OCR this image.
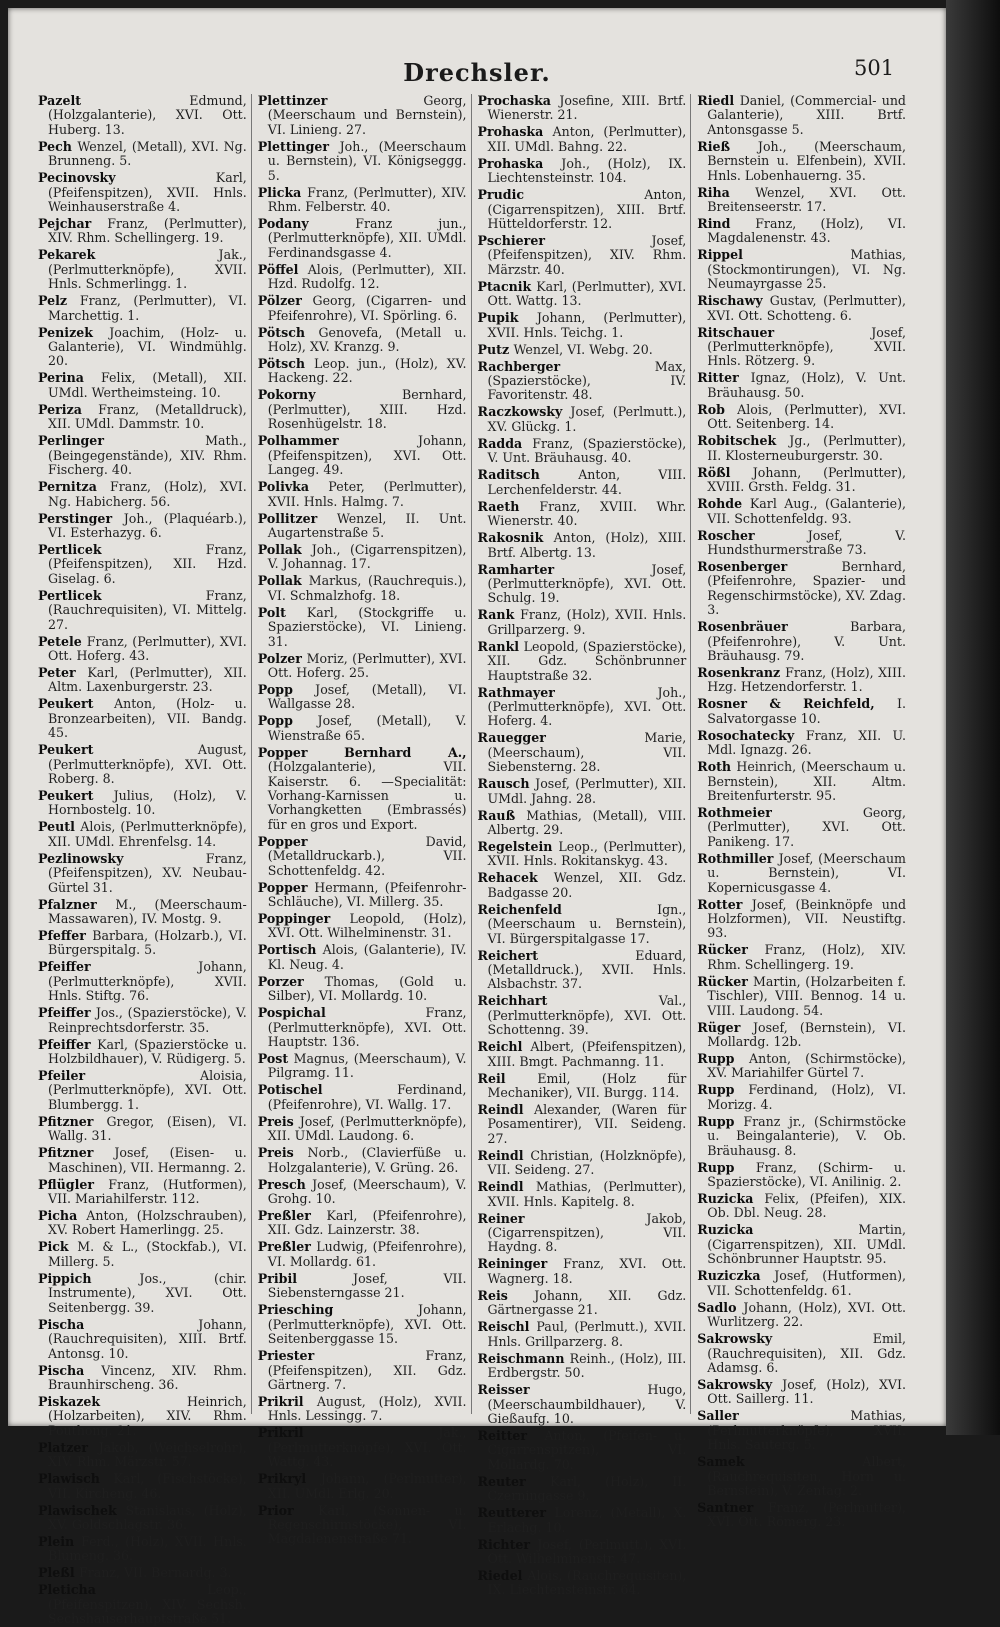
Drechsler.	501

Pazelt	Edmund, (Holzgalanterie), XVI. Ott. Huberg. 13.

Pech Wenzel, (Metall), XVI. Ng. Brunneng. 5.

Pecinovsky	Karl, (Pfeifenspitzen), XVII. Hnls. Weinhauserstraße 4.

Pejchar Franz, (Perlmutter), XIV. Rhm. Schellingerg. 19.

Pekarek	Jak., (Perlmutterknöpfe), XVII. Hnls. Schmerlingg. 1.

Pelz Franz, (Perlmutter), VI. Marchettig. 1.

Penizek Joachim, (Holz- u. Galanterie), VI. Windmühlg. 20.

Perina Felix, (Metall), XII. UMdl. Wertheimsteing. 10.

Periza Franz, (Metalldruck), XII. UMdl. Dammstr. 10.

Perlinger	Math., (Beingegenstände), XIV. Rhm. Fischerg. 40.

Pernitza Franz, (Holz), XVI. Ng. Habicherg. 56.

Perstinger Joh., (Plaquéarb.), VI. Esterhazyg. 6.

Pertlicek	Franz, (Pfeifenspitzen), XII. Hzd. Giselag. 6.

Pertlicek	Franz, (Rauchrequisiten), VI. Mittelg. 27.

Petele Franz, (Perlmutter), XVI. Ott. Hoferg. 43.

Peter Karl, (Perlmutter), XII. Altm. Laxenburgerstr. 23.

Peukert Anton, (Holz- u. Bronzearbeiten), VII. Bandg. 45.

Peukert	August, (Perlmutterknöpfe), XVI. Ott. Roberg. 8.

Peukert Julius, (Holz), V. Hornbostelg. 10.

Peutl Alois, (Perlmutterknöpfe), XII. UMdl. Ehrenfelsg. 14.

Pezlinowsky	Franz, (Pfeifenspitzen), XV. Neubau-Gürtel 31.

Pfalzner M., (Meerschaum-Massawaren), IV. Mostg. 9.

Pfeffer Barbara, (Holzarb.), VI. Bürgerspitalg. 5.

Pfeiffer	Johann, (Perlmutterknöpfe), XVII. Hnls. Stiftg. 76.

Pfeiffer Jos., (Spazierstöcke), V. Reinprechtsdorferstr. 35.

Pfeiffer Karl, (Spazierstöcke u. Holzbildhauer), V. Rüdigerg. 5.

Pfeiler	Aloisia, (Perlmutterknöpfe), XVI. Ott. Blumbergg. 1.

Pfitzner Gregor, (Eisen), VI. Wallg. 31.

Pfitzner Josef, (Eisen- u. Maschinen), VII. Hermanng. 2.

Pflügler Franz, (Hutformen), VII. Mariahilferstr. 112.

Picha Anton, (Holzschrauben), XV. Robert Hamerlingg. 25.

Pick M. & L., (Stockfab.), VI. Millerg. 5.

Pippich	Jos., (chir. Instrumente), XVI. Ott. Seitenbergg. 39.

Pischa	Johann, (Rauchrequisiten), XIII. Brtf. Antonsg. 10.

Pischa Vincenz, XIV. Rhm. Braunhirscheng. 36.

Piskazek	Heinrich, (Holzarbeiten), XIV. Rhm. Pouthong. 21.

Platzer Jakob, (Weichselrohr), XIV. Rhm. Märzstr. 57.

Plawisch Karl, (Fischstöcke), VII. Kircheng. 46.

Plawischek Stanislaus, (Holz), XV. Goldschlagstr. 36.

Plein Ferd., (Holz), XVII. Hnls. Blumeng. 36.

Pleßl Franz, VII. Bernardg. 3.

Pleticha	Leop., (Pfeifenspitzen), XIV. Sechsh. Sechshauserhauptstraße 51.

Plettinzer	Georg, (Meerschaum und Bernstein), VI. Linieng. 27.

Plettinger Joh., (Meerschaum u. Bernstein), VI. Königseggg. 5.

Plicka Franz, (Perlmutter), XIV. Rhm. Felberstr. 40.

Podany	Franz jun., (Perlmutterknöpfe), XII. UMdl. Ferdinandsgasse 4.

Pöffel Alois, (Perlmutter), XII. Hzd. Rudolfg. 12.

Pölzer Georg, (Cigarren- und Pfeifenrohre), VI. Spörling. 6.

Pötsch Genovefa, (Metall u. Holz), XV. Kranzg. 9.

Pötsch Leop. jun., (Holz), XV. Hackeng. 22.

Pokorny	Bernhard, (Perlmutter), XIII. Hzd. Rosenhügelstr. 18.

Polhammer	Johann, (Pfeifenspitzen), XVI. Ott. Langeg. 49.

Polivka Peter, (Perlmutter), XVII. Hnls. Halmg. 7.

Pollitzer Wenzel, II. Unt. Augartenstraße 5.

Pollak Joh., (Cigarrenspitzen), V. Johannag. 17.

Pollak Markus, (Rauchrequis.), VI. Schmalzhofg. 18.

Polt Karl, (Stockgriffe u. Spazierstöcke), VI. Linieng. 31.

Polzer Moriz, (Perlmutter), XVI. Ott. Hoferg. 25.

Popp Josef, (Metall), VI. Wallgasse 28.

Popp Josef, (Metall), V. Wienstraße 65.

Popper Bernhard A.,(Holzgalanterie), VII. Kaiserstr. 6. —Specialität: Vorhang-Karnissen u. Vorhangketten (Embrassés) für en gros und Export.

Popper	David, (Metalldruckarb.), VII. Schottenfeldg. 42.

Popper Hermann, (Pfeifenrohr-Schläuche), VI. Millerg. 35.

Poppinger Leopold, (Holz), XVI. Ott. Wilhelminenstr. 31.

Portisch Alois, (Galanterie), IV. Kl. Neug. 4.

Porzer Thomas, (Gold u. Silber), VI. Mollardg. 10.

Pospichal	Franz, (Perlmutterknöpfe), XVI. Ott. Hauptstr. 136.

Post Magnus, (Meerschaum), V. Pilgramg. 11.

Potischel	Ferdinand, (Pfeifenrohre), VI. Wallg. 17.

Preis Josef, (Perlmutterknöpfe), XII. UMdl. Laudong. 6.

Preis Norb., (Clavierfüße u. Holzgalanterie), V. Grüng. 26.

Presch Josef, (Meerschaum), V. Grohg. 10.

Preßler Karl, (Pfeifenrohre), XII. Gdz. Lainzerstr. 38.

Preßler Ludwig, (Pfeifenrohre), VI. Mollardg. 61.

Pribil	Josef, VII. Siebensterngasse 21.

Priesching	Johann, (Perlmutterknöpfe), XVI. Ott. Seitenberggasse 15.

Priester	Franz, (Pfeifenspitzen), XII. Gdz. Gärtnerg. 7.

Prikril August, (Holz), XVII. Hnls. Lessingg. 7.

Prikril	Jak., (Perlmutterknöpfe), XVI. Ott. Wattg. 43.

Prikryl Johann, (Perlmutter), XII. UMdl. Erlg. 20.

Prior Karl, (Sonnen- u. Regenschirmstöcke), VI. Magdalenenstraße 71.

Prochaska Josefine, XIII. Brtf. Wienerstr. 21.

Prohaska Anton, (Perlmutter), XII. UMdl. Bahng. 22.

Prohaska Joh., (Holz), IX. Liechtensteinstr. 104.

Prudic	Anton, (Cigarrenspitzen), XIII. Brtf. Hütteldorferstr. 12.

Pschierer	Josef, (Pfeifenspitzen), XIV. Rhm. Märzstr. 40.

Ptacnik Karl, (Perlmutter), XVI. Ott. Wattg. 13.

Pupik Johann, (Perlmutter), XVII. Hnls. Teichg. 1.

Putz Wenzel, VI. Webg. 20.

Rachberger	Max, (Spazierstöcke), IV. Favoritenstr. 48.

Raczkowsky Josef, (Perlmutt.), XV. Glückg. 1.

Radda Franz, (Spazierstöcke), V. Unt. Bräuhausg. 40.

Raditsch	Anton, VIII. Lerchenfelderstr. 44.

Raeth Franz, XVIII. Whr. Wienerstr. 40.

Rakosnik Anton, (Holz), XIII. Brtf. Albertg. 13.

Ramharter	Josef, (Perlmutterknöpfe), XVI. Ott. Schulg. 19.

Rank Franz, (Holz), XVII. Hnls. Grillparzerg. 9.

Rankl Leopold, (Spazierstöcke), XII. Gdz. Schönbrunner Hauptstraße 32.

Rathmayer	Joh., (Perlmutterknöpfe), XVI. Ott. Hoferg. 4.

Rauegger	Marie, (Meerschaum), VII. Siebensterng. 28.

Rausch Josef, (Perlmutter), XII. UMdl. Jahng. 28.

Rauß Mathias, (Metall), VIII. Albertg. 29.

Regelstein Leop., (Perlmutter), XVII. Hnls. Rokitanskyg. 43.

Rehacek Wenzel, XII. Gdz. Badgasse 20.

Reichenfeld	Ign., (Meerschaum u. Bernstein), VI. Bürgerspitalgasse 17.

Reichert	Eduard, (Metalldruck.), XVII. Hnls. Alsbachstr. 37.

Reichhart	Val., (Perlmutterknöpfe), XVI. Ott. Schottenng. 39.

Reichl Albert, (Pfeifenspitzen), XIII. Bmgt. Pachmanng. 11.

Reil	Emil, (Holz für Mechaniker), VII. Burgg. 114.

Reindl Alexander, (Waren für Posamentirer), VII. Seideng. 27.

Reindl Christian, (Holzknöpfe), VII. Seideng. 27.

Reindl Mathias, (Perlmutter), XVII. Hnls. Kapitelg. 8.

Reiner	Jakob, (Cigarrenspitzen), VII. Haydng. 8.

Reininger Franz, XVI. Ott. Wagnerg. 18.

Reis Johann, XII. Gdz. Gärtnergasse 21.

Reischl Paul, (Perlmutt.), XVII. Hnls. Grillparzerg. 8.

Reischmann Reinh., (Holz), III. Erdbergstr. 50.

Reisser	Hugo, (Meerschaumbildhauer), V. Gießaufg. 10.

Reitter Anton, (Pfeifen- u. Cigarrenspitzen), VI. Mollardg. 70.

Reuter Karl, (Holz), II. Czerningasse 9.

Reutterer Lorenz, (Metall), X. Erlachg. 10.

Richter Josef, (Perlmutt.), XVI. Ott. Wilhelminenstr. 47.

Riedel Alois, (Rauchrequisiten), IX. Liechtensteinstr. 64.

Riedl Daniel, (Commercial- und Galanterie), XIII. Brtf. Antonsgasse 5.

Rieß Joh., (Meerschaum, Bernstein u. Elfenbein), XVII. Hnls. Lobenhauerng. 35.

Riha Wenzel, XVI. Ott. Breitenseerstr. 17.

Rind Franz, (Holz), VI. Magdalenenstr. 43.

Rippel	Mathias, (Stockmontirungen), VI. Ng. Neumayrgasse 25.

Rischawy Gustav, (Perlmutter), XVI. Ott. Schotteng. 6.

Ritschauer	Josef, (Perlmutterknöpfe), XVII. Hnls. Rötzerg. 9.

Ritter Ignaz, (Holz), V. Unt. Bräuhausg. 50.

Rob Alois, (Perlmutter), XVI. Ott. Seitenberg. 14.

Robitschek Jg., (Perlmutter), II. Klosterneuburgerstr. 30.

Rößl Johann, (Perlmutter), XVIII. Grsth. Feldg. 31.

Rohde Karl Aug., (Galanterie), VII. Schottenfeldg. 93.

Roscher	Josef, V. Hundsthurmerstraße 73.

Rosenberger	Bernhard, (Pfeifenrohre, Spazier- und Regenschirmstöcke), XV. Zdag. 3.

Rosenbräuer	Barbara, (Pfeifenrohre), V. Unt. Bräuhausg. 79.

Rosenkranz Franz, (Holz), XIII. Hzg. Hetzendorferstr. 1.

Rosner & Reichfeld, I. Salvatorgasse 10.

Rosochatecky Franz, XII. U. Mdl. Ignazg. 26.

Roth Heinrich, (Meerschaum u. Bernstein), XII. Altm. Breitenfurterstr. 95.

Rothmeier	Georg, (Perlmutter), XVI. Ott. Panikeng. 17.

Rothmiller Josef, (Meerschaum u. Bernstein), VI. Kopernicusgasse 4.

Rotter Josef, (Beinknöpfe und Holzformen), VII. Neustiftg. 93.

Rücker Franz, (Holz), XIV. Rhm. Schellingerg. 19.

Rücker Martin, (Holzarbeiten f. Tischler), VIII. Bennog. 14 u. VIII. Laudong. 54.

Rüger Josef, (Bernstein), VI. Mollardg. 12b.

Rupp Anton, (Schirmstöcke), XV. Mariahilfer Gürtel 7.

Rupp Ferdinand, (Holz), VI. Morizg. 4.

Rupp Franz jr., (Schirmstöcke u. Beingalanterie), V. Ob. Bräuhausg. 8.

Rupp Franz, (Schirm- u. Spazierstöcke), VI. Anilinig. 2.

Ruzicka Felix, (Pfeifen), XIX. Ob. Dbl. Neug. 28.

Ruzicka	Martin, (Cigarrenspitzen), XII. UMdl. Schönbrunner Hauptstr. 95.

Ruziczka Josef, (Hutformen), VII. Schottenfeldg. 61.

Sadlo Johann, (Holz), XVI. Ott. Wurlitzerg. 22.

Sakrowsky	Emil, (Rauchrequisiten), XII. Gdz. Adamsg. 6.

Sakrowsky Josef, (Holz), XVI. Ott. Saillerg. 11.

Saller	Mathias, (Perlmutterknöpfe), XVII. Hnls. Sauterg. 5.

Samek	Albert, (Rauchrequisiten, Horn u. Bernstein), V. Zentag. 2.

Santner Franz, (Perlmutter), XVI. Ott. Römerg. 23.
